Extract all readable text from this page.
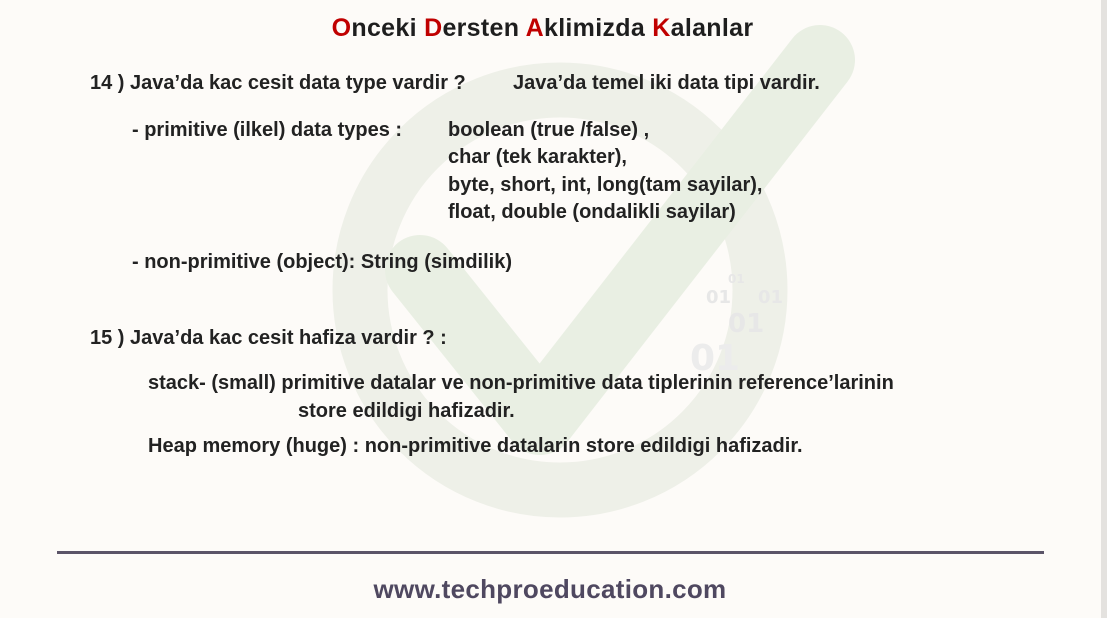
01
01 01
01
01
Onceki Dersten Aklimizda Kalanlar
14 ) Java’da kac cesit data type vardir ? Java’da temel iki data tipi vardir.
- primitive (ilkel) data types : boolean (true /false) ,
char (tek karakter),
byte, short, int, long(tam sayilar),
float, double (ondalikli sayilar)
- non-primitive (object): String (simdilik)
15 ) Java’da kac cesit hafiza vardir ? :
stack- (small) primitive datalar ve non-primitive data tiplerinin reference’larinin
store edildigi hafizadir.
Heap memory (huge) : non-primitive datalarin store edildigi hafizadir.
www.techproeducation.com
